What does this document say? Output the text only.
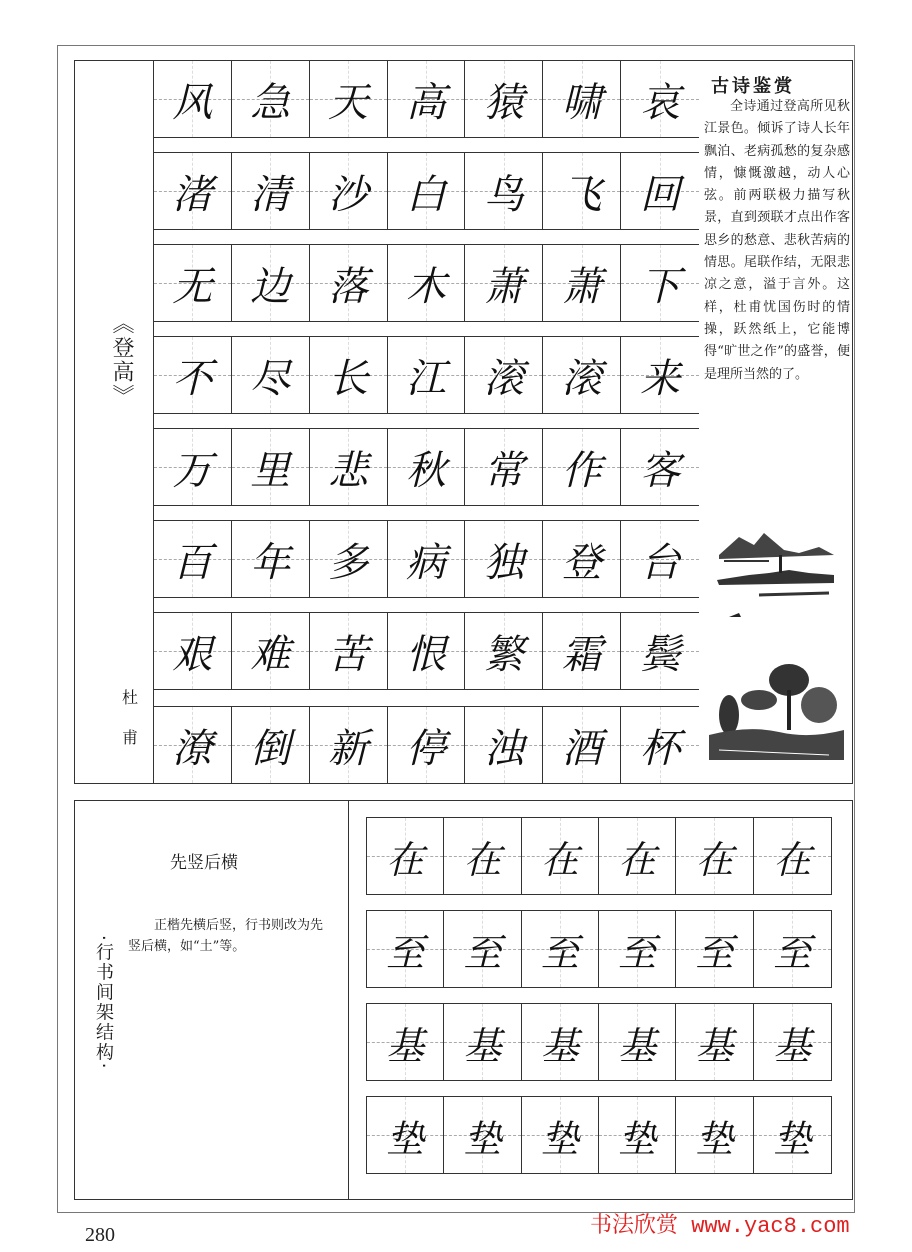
《登高》
杜甫
风 急 天 高 猿 啸 哀
渚 清 沙 白 鸟 飞 回
无 边 落 木 萧 萧 下
不 尽 长 江 滚 滚 来
万 里 悲 秋 常 作 客
百 年 多 病 独 登 台
艰 难 苦 恨 繁 霜 鬓
潦 倒 新 停 浊 酒 杯
古诗鉴赏
全诗通过登高所见秋江景色。倾诉了诗人长年飘泊、老病孤愁的复杂感情，慷慨激越，动人心弦。前两联极力描写秋景，直到颈联才点出作客思乡的愁意、悲秋苦病的情思。尾联作结，无限悲凉之意，溢于言外。这样，杜甫忧国伤时的情操，跃然纸上，它能博得“旷世之作”的盛誉，便是理所当然的了。
·行书间架结构·
先竖后横
正楷先横后竖，行书则改为先竖后横，如“土”等。
在 在 在 在 在 在
至 至 至 至 至 至
基 基 基 基 基 基
垫 垫 垫 垫 垫 垫
280	书法欣赏 www.yac8.com
